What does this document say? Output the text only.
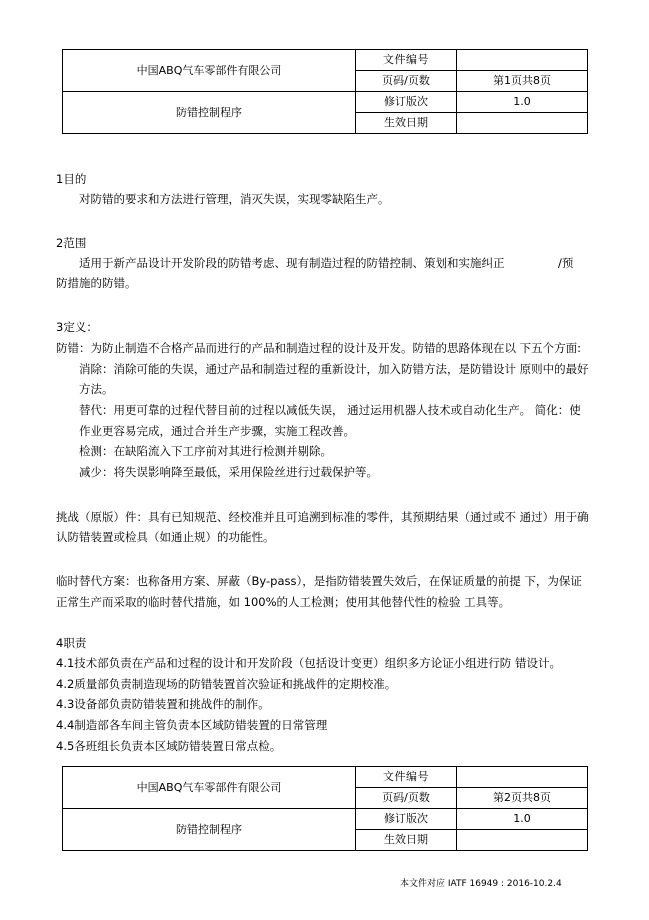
中国ABQ气车零部件有限公司	文件编号	
	页码/页数	第1页共8页
防错控制程序	修订版次	1.0
	生效日期	
1目的
对防错的要求和方法进行管理，消灭失误，实现零缺陷生产。
2范围
适用于新产品设计开发阶段的防错考虑、现有制造过程的防错控制、策划和实施纠正	/预
防措施的防错。
3定义：
防错：为防止制造不合格产品而进行的产品和制造过程的设计及开发。防错的思路体现在以 下五个方面:
消除：消除可能的失误，通过产品和制造过程的重新设计，加入防错方法，是防错设计 原则中的最好
方法。
替代：用更可靠的过程代替目前的过程以减低失误， 通过运用机器人技术或自动化生产。 简化：使
作业更容易完成，通过合并生产步骤，实施工程改善。
检测：在缺陷流入下工序前对其进行检测并剔除。
减少：将失误影响降至最低，采用保险丝进行过载保护等。
挑战（原版）件：具有已知规范、经校准并且可追溯到标准的零件，其预期结果（通过或不 通过）用于确
认防错装置或检具（如通止规）的功能性。
临时替代方案：也称备用方案、屏蔽（By-pass），是指防错装置失效后，在保证质量的前提 下，为保证
正常生产而采取的临时替代措施，如 100%的人工检测；使用其他替代性的检验 工具等。
4职责
4.1技术部负责在产品和过程的设计和开发阶段（包括设计变更）组织多方论证小组进行防 错设计。
4.2质量部负责制造现场的防错装置首次验证和挑战件的定期校准。
4.3设备部负责防错装置和挑战件的制作。
4.4制造部各车间主管负责本区域防错装置的日常管理
4.5各班组长负责本区域防错装置日常点检。
中国ABQ气车零部件有限公司	文件编号	
	页码/页数	第2页共8页
防错控制程序	修订版次	1.0
	生效日期	
本文件对应 IATF 16949 : 2016-10.2.4
